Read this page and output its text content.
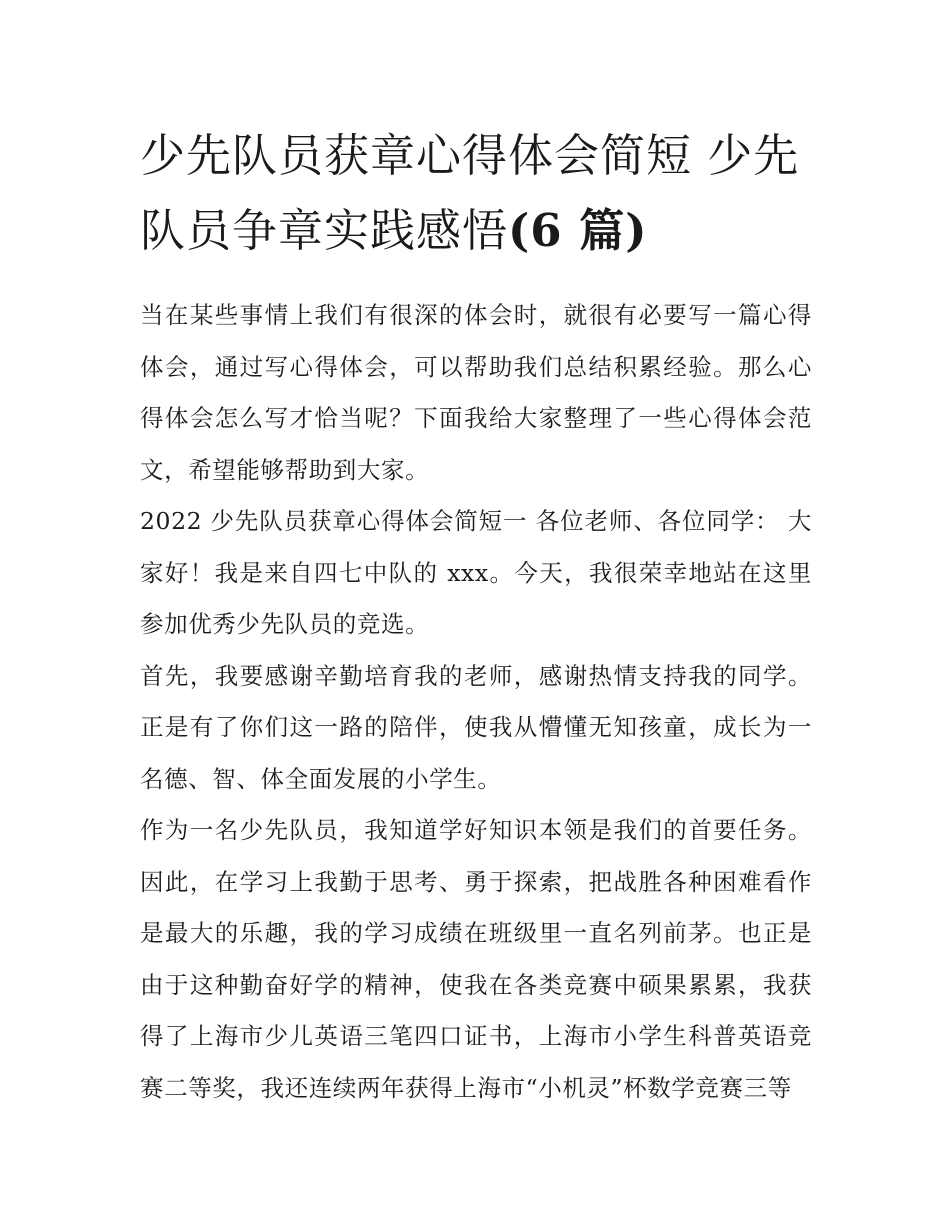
少先队员获章心得体会简短 少先队员争章实践感悟(6 篇)

当在某些事情上我们有很深的体会时，就很有必要写一篇心得体会，通过写心得体会，可以帮助我们总结积累经验。那么心得体会怎么写才恰当呢？下面我给大家整理了一些心得体会范文，希望能够帮助到大家。

2022 少先队员获章心得体会简短一 各位老师、各位同学： 大家好！我是来自四七中队的 xxx。今天，我很荣幸地站在这里参加优秀少先队员的竞选。

首先，我要感谢辛勤培育我的老师，感谢热情支持我的同学。正是有了你们这一路的陪伴，使我从懵懂无知孩童，成长为一名德、智、体全面发展的小学生。

作为一名少先队员，我知道学好知识本领是我们的首要任务。因此，在学习上我勤于思考、勇于探索，把战胜各种困难看作是最大的乐趣，我的学习成绩在班级里一直名列前茅。也正是由于这种勤奋好学的精神，使我在各类竞赛中硕果累累，我获得了上海市少儿英语三笔四口证书，上海市小学生科普英语竞赛二等奖，我还连续两年获得上海市“小机灵”杯数学竞赛三等
